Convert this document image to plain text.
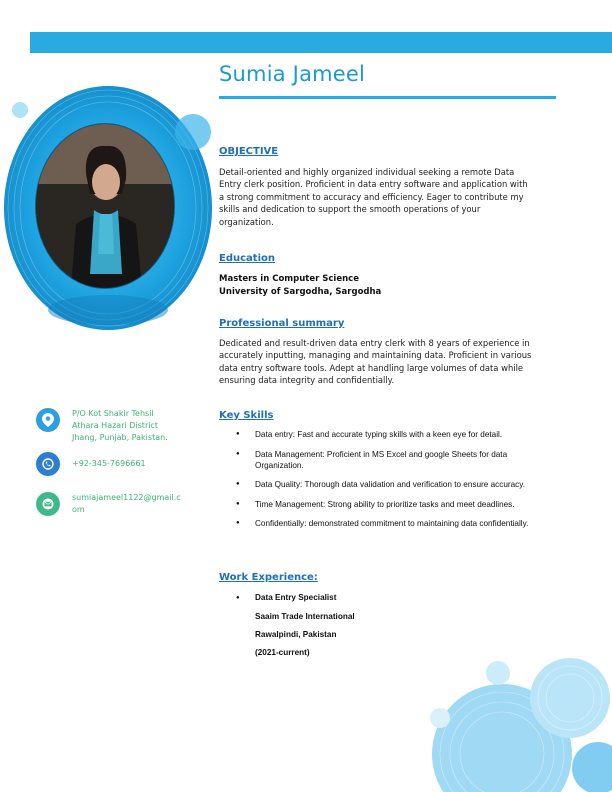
Sumia Jameel
P/O Kot Shakir Tehsil
Athara Hazari District
Jhang, Punjab, Pakistan.
+92-345-7696661
sumiajameel1122@gmail.c
om
OBJECTIVE
Detail-oriented and highly organized individual seeking a remote Data
Entry clerk position. Proficient in data entry software and application with
a strong commitment to accuracy and efficiency. Eager to contribute my
skills and dedication to support the smooth operations of your
organization.
Education
Masters in Computer Science
University of Sargodha, Sargodha
Professional summary
Dedicated and result-driven data entry clerk with 8 years of experience in
accurately inputting, managing and maintaining data. Proficient in various
data entry software tools. Adept at handling large volumes of data while
ensuring data integrity and confidentially.
Key Skills
● Data entry: Fast and accurate typing skills with a keen eye for detail.
● Data Management: Proficient in MS Excel and google Sheets for data Organization.
● Data Quality: Thorough data validation and verification to ensure accuracy.
● Time Management: Strong ability to prioritize tasks and meet deadlines.
● Confidentially: demonstrated commitment to maintaining data confidentially.
Work Experience:
● Data Entry Specialist
Saaim Trade International
Rawalpindi, Pakistan
(2021-current)
